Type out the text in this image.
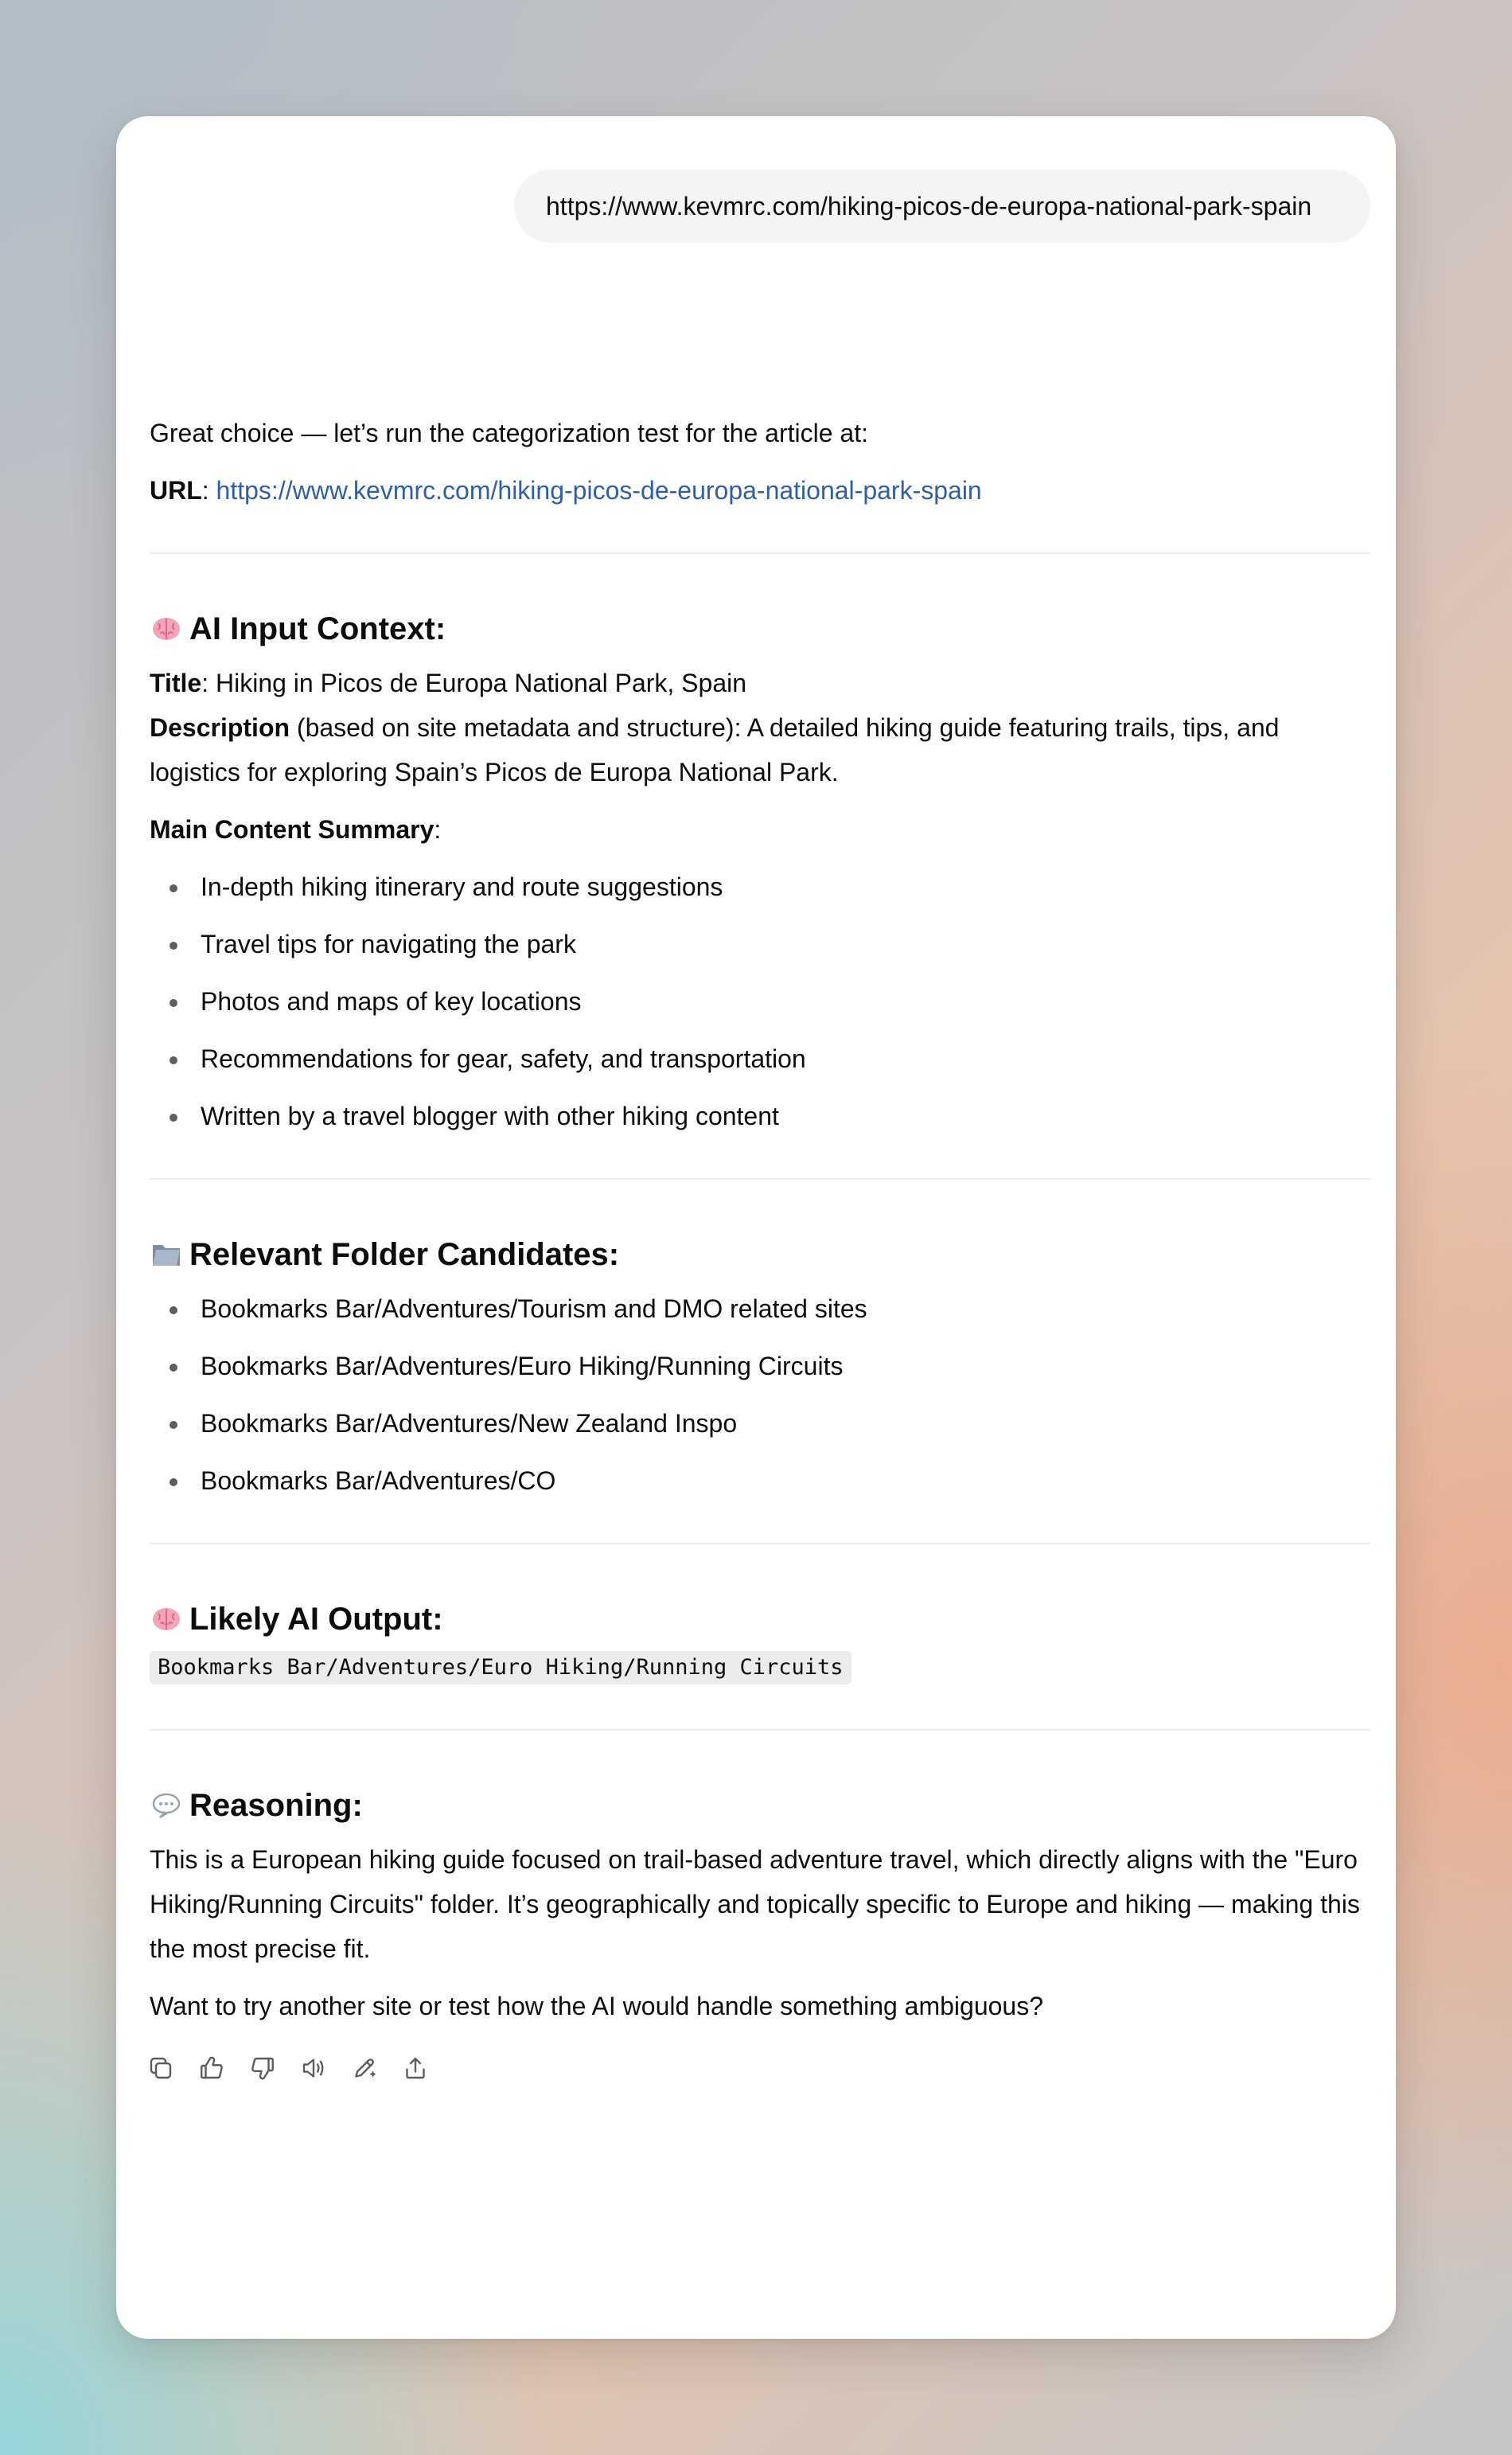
https://www.kevmrc.com/hiking-picos-de-europa-national-park-spain

Great choice — let’s run the categorization test for the article at:

URL: https://www.kevmrc.com/hiking-picos-de-europa-national-park-spain

AI Input Context:

Title: Hiking in Picos de Europa National Park, Spain

Description (based on site metadata and structure): A detailed hiking guide featuring trails, tips, and logistics for exploring Spain’s Picos de Europa National Park.

Main Content Summary:

In-depth hiking itinerary and route suggestions
Travel tips for navigating the park
Photos and maps of key locations
Recommendations for gear, safety, and transportation
Written by a travel blogger with other hiking content
Relevant Folder Candidates:
Bookmarks Bar/Adventures/Tourism and DMO related sites
Bookmarks Bar/Adventures/Euro Hiking/Running Circuits
Bookmarks Bar/Adventures/New Zealand Inspo
Bookmarks Bar/Adventures/CO
Likely AI Output:
Bookmarks Bar/Adventures/Euro Hiking/Running Circuits
Reasoning:

This is a European hiking guide focused on trail-based adventure travel, which directly aligns with the "Euro Hiking/Running Circuits" folder. It’s geographically and topically specific to Europe and hiking — making this the most precise fit.

Want to try another site or test how the AI would handle something ambiguous?
